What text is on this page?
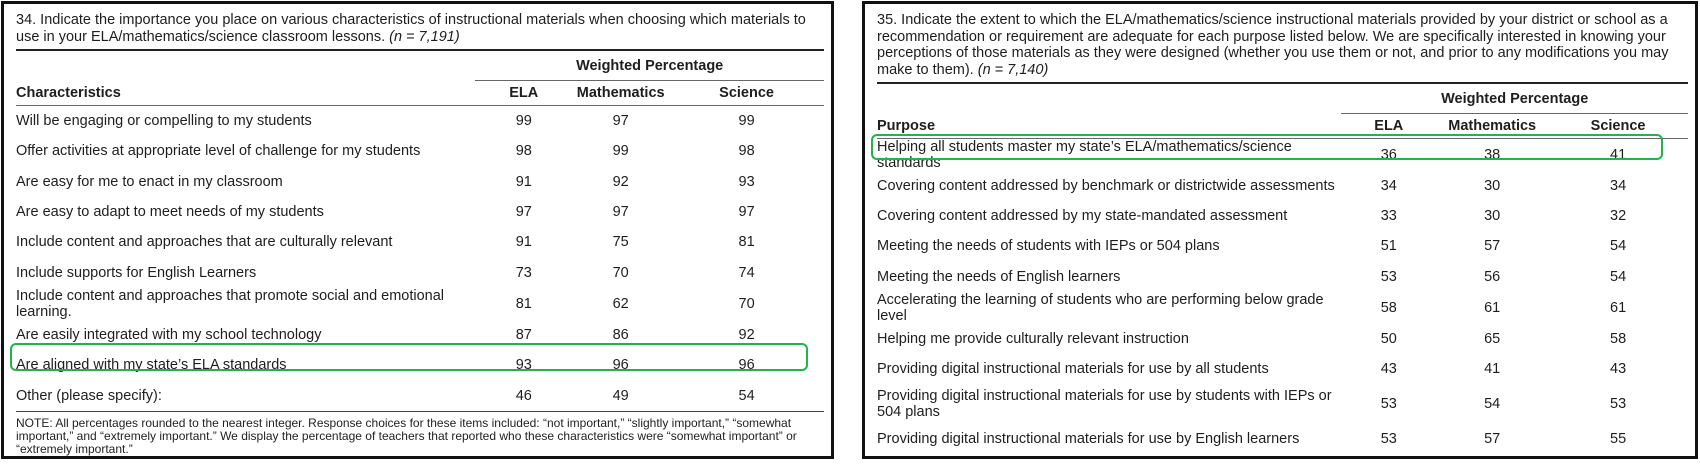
34. Indicate the importance you place on various characteristics of instructional materials when choosing which materials to use in your ELA/mathematics/science classroom lessons. (n = 7,191)

	Weighted Percentage		
Characteristics	ELA	Mathematics	Science
Will be engaging or compelling to my students	99	97	99
Offer activities at appropriate level of challenge for my students	98	99	98
Are easy for me to enact in my classroom	91	92	93
Are easy to adapt to meet needs of my students	97	97	97
Include content and approaches that are culturally relevant	91	75	81
Include supports for English Learners	73	70	74
Include content and approaches that promote social and emotional learning.	81	62	70
Are easily integrated with my school technology	87	86	92
Are aligned with my state’s ELA standards	93	96	96
Other (please specify):	46	49	54

NOTE: All percentages rounded to the nearest integer. Response choices for these items included: “not important,” “slightly important,” “somewhat important,” and “extremely important.” We display the percentage of teachers that reported who these characteristics were “somewhat important” or “extremely important.”

35. Indicate the extent to which the ELA/mathematics/science instructional materials provided by your district or school as a recommendation or requirement are adequate for each purpose listed below. We are specifically interested in knowing your perceptions of those materials as they were designed (whether you use them or not, and prior to any modifications you may make to them). (n = 7,140)

	Weighted Percentage		
Purpose	ELA	Mathematics	Science
Helping all students master my state’s ELA/mathematics/science standards	36	38	41
Covering content addressed by benchmark or districtwide assessments	34	30	34
Covering content addressed by my state-mandated assessment	33	30	32
Meeting the needs of students with IEPs or 504 plans	51	57	54
Meeting the needs of English learners	53	56	54
Accelerating the learning of students who are performing below grade level	58	61	61
Helping me provide culturally relevant instruction	50	65	58
Providing digital instructional materials for use by all students	43	41	43
Providing digital instructional materials for use by students with IEPs or 504 plans	53	54	53
Providing digital instructional materials for use by English learners	53	57	55
